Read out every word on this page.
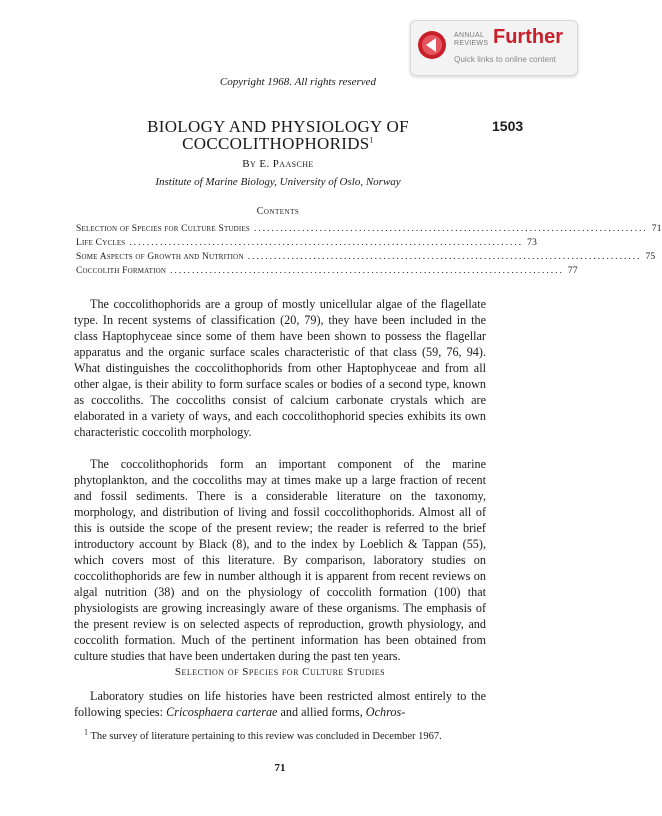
ANNUAL
REVIEWS Further
Quick links to online content
Copyright 1968. All rights reserved
1503
BIOLOGY AND PHYSIOLOGY OF
COCCOLITHOPHORIDS$^1$
By E. Paasche
Institute of Marine Biology, University of Oslo, Norway
Contents
Selection of Species for Culture Studies .......................................................................................... 71
Life Cycles .......................................................................................... 73
Some Aspects of Growth and Nutrition .......................................................................................... 75
Coccolith Formation .......................................................................................... 77

The coccolithophorids are a group of mostly unicellular algae of the flagellate type. In recent systems of classification (20, 79), they have been included in the class Haptophyceae since some of them have been shown to possess the flagellar apparatus and the organic surface scales characteristic of that class (59, 76, 94). What distinguishes the coccolithophorids from other Haptophyceae and from all other algae, is their ability to form surface scales or bodies of a second type, known as coccoliths. The coccoliths consist of calcium carbonate crystals which are elaborated in a variety of ways, and each coccolithophorid species exhibits its own characteristic coccolith morphology.

The coccolithophorids form an important component of the marine phytoplankton, and the coccoliths may at times make up a large fraction of recent and fossil sediments. There is a considerable literature on the taxonomy, morphology, and distribution of living and fossil coccolithophorids. Almost all of this is outside the scope of the present review; the reader is referred to the brief introductory account by Black (8), and to the index by Loeblich & Tappan (55), which covers most of this literature. By comparison, laboratory studies on coccolithophorids are few in number although it is apparent from recent reviews on algal nutrition (38) and on the physiology of coccolith formation (100) that physiologists are growing increasingly aware of these organisms. The emphasis of the present review is on selected aspects of reproduction, growth physiology, and coccolith formation. Much of the pertinent information has been obtained from culture studies that have been undertaken during the past ten years.

Selection of Species for Culture Studies

Laboratory studies on life histories have been restricted almost entirely to the following species: Cricosphaera carterae and allied forms, Ochros-

$^1$ The survey of literature pertaining to this review was concluded in December 1967.
71
